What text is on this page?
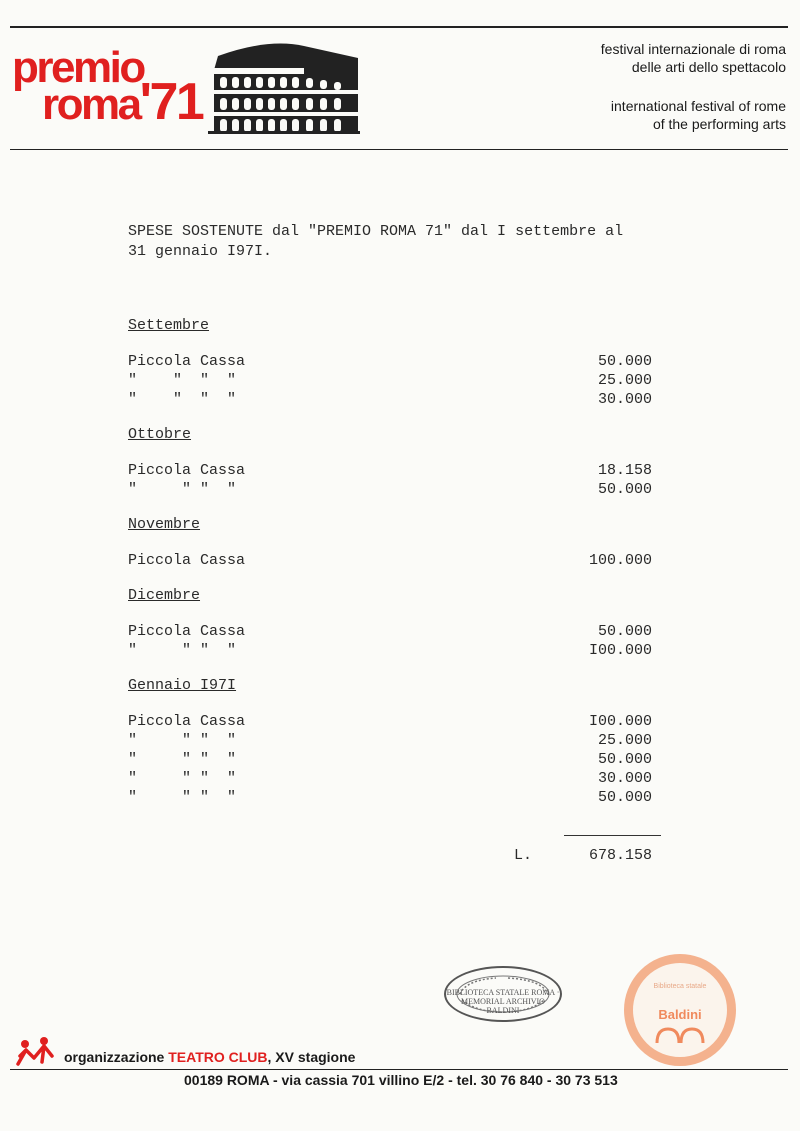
premio
roma'71
festival internazionale di roma
delle arti dello spettacolo
international festival of rome
of the performing arts
SPESE SOSTENUTE dal "PREMIO ROMA 71" dal I settembre al
31 gennaio I97I.
Settembre
Piccola Cassa	50.000
"    "  "  "	25.000
"    "  "  "	30.000
Ottobre
Piccola Cassa	18.158
"     " "  "	50.000
Novembre
Piccola Cassa	100.000
Dicembre
Piccola Cassa	50.000
"     " "  "	I00.000
Gennaio I97I
Piccola Cassa	I00.000
"     " "  "	25.000
"     " "  "	50.000
"     " "  "	30.000
"     " "  "	50.000
L.	678.158
BIBLIOTECA STATALE ROMA · MEMORIAL ARCHIVIO BALDINI
Biblioteca statale
Baldini
organizzazione TEATRO CLUB, XV stagione
00189 ROMA - via cassia 701 villino E/2 - tel. 30 76 840 - 30 73 513
